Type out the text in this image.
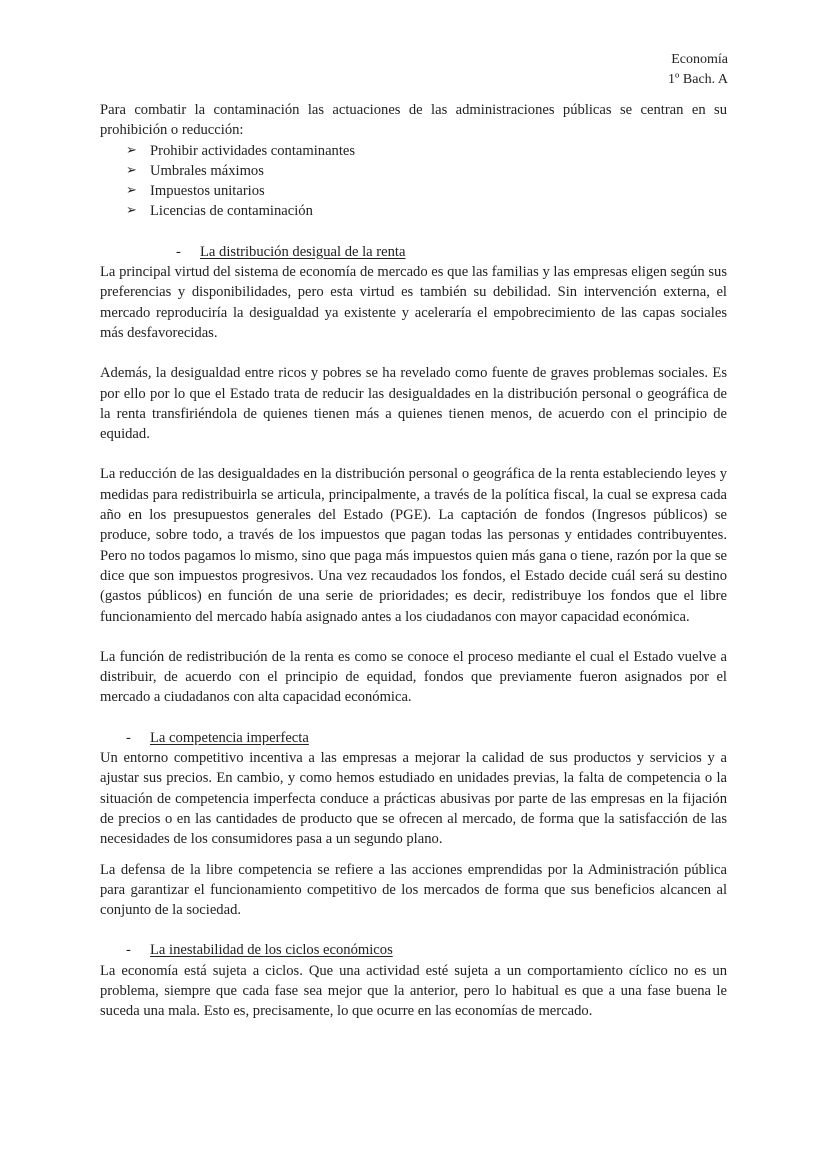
Economía
1º Bach. A

Para combatir la contaminación las actuaciones de las administraciones públicas se centran en su prohibición o reducción:

➢ Prohibir actividades contaminantes
➢ Umbrales máximos
➢ Impuestos unitarios
➢ Licencias de contaminación
-	La distribución desigual de la renta

La principal virtud del sistema de economía de mercado es que las familias y las empresas eligen según sus preferencias y disponibilidades, pero esta virtud es también su debilidad. Sin intervención externa, el mercado reproduciría la desigualdad ya existente y aceleraría el empobrecimiento de las capas sociales más desfavorecidas.

Además, la desigualdad entre ricos y pobres se ha revelado como fuente de graves problemas sociales. Es por ello por lo que el Estado trata de reducir las desigualdades en la distribución personal o geográfica de la renta transfiriéndola de quienes tienen más a quienes tienen menos, de acuerdo con el principio de equidad.

La reducción de las desigualdades en la distribución personal o geográfica de la renta estableciendo leyes y medidas para redistribuirla se articula, principalmente, a través de la política fiscal, la cual se expresa cada año en los presupuestos generales del Estado (PGE). La captación de fondos (Ingresos públicos) se produce, sobre todo, a través de los impuestos que pagan todas las personas y entidades contribuyentes. Pero no todos pagamos lo mismo, sino que paga más impuestos quien más gana o tiene, razón por la que se dice que son impuestos progresivos. Una vez recaudados los fondos, el Estado decide cuál será su destino (gastos públicos) en función de una serie de prioridades; es decir, redistribuye los fondos que el libre funcionamiento del mercado había asignado antes a los ciudadanos con mayor capacidad económica.

La función de redistribución de la renta es como se conoce el proceso mediante el cual el Estado vuelve a distribuir, de acuerdo con el principio de equidad, fondos que previamente fueron asignados por el mercado a ciudadanos con alta capacidad económica.

-	La competencia imperfecta

Un entorno competitivo incentiva a las empresas a mejorar la calidad de sus productos y servicios y a ajustar sus precios. En cambio, y como hemos estudiado en unidades previas, la falta de competencia o la situación de competencia imperfecta conduce a prácticas abusivas por parte de las empresas en la fijación de precios o en las cantidades de producto que se ofrecen al mercado, de forma que la satisfacción de las necesidades de los consumidores pasa a un segundo plano.

La defensa de la libre competencia se refiere a las acciones emprendidas por la Administración pública para garantizar el funcionamiento competitivo de los mercados de forma que sus beneficios alcancen al conjunto de la sociedad.

-	La inestabilidad de los ciclos económicos

La economía está sujeta a ciclos. Que una actividad esté sujeta a un comportamiento cíclico no es un problema, siempre que cada fase sea mejor que la anterior, pero lo habitual es que a una fase buena le suceda una mala. Esto es, precisamente, lo que ocurre en las economías de mercado.
